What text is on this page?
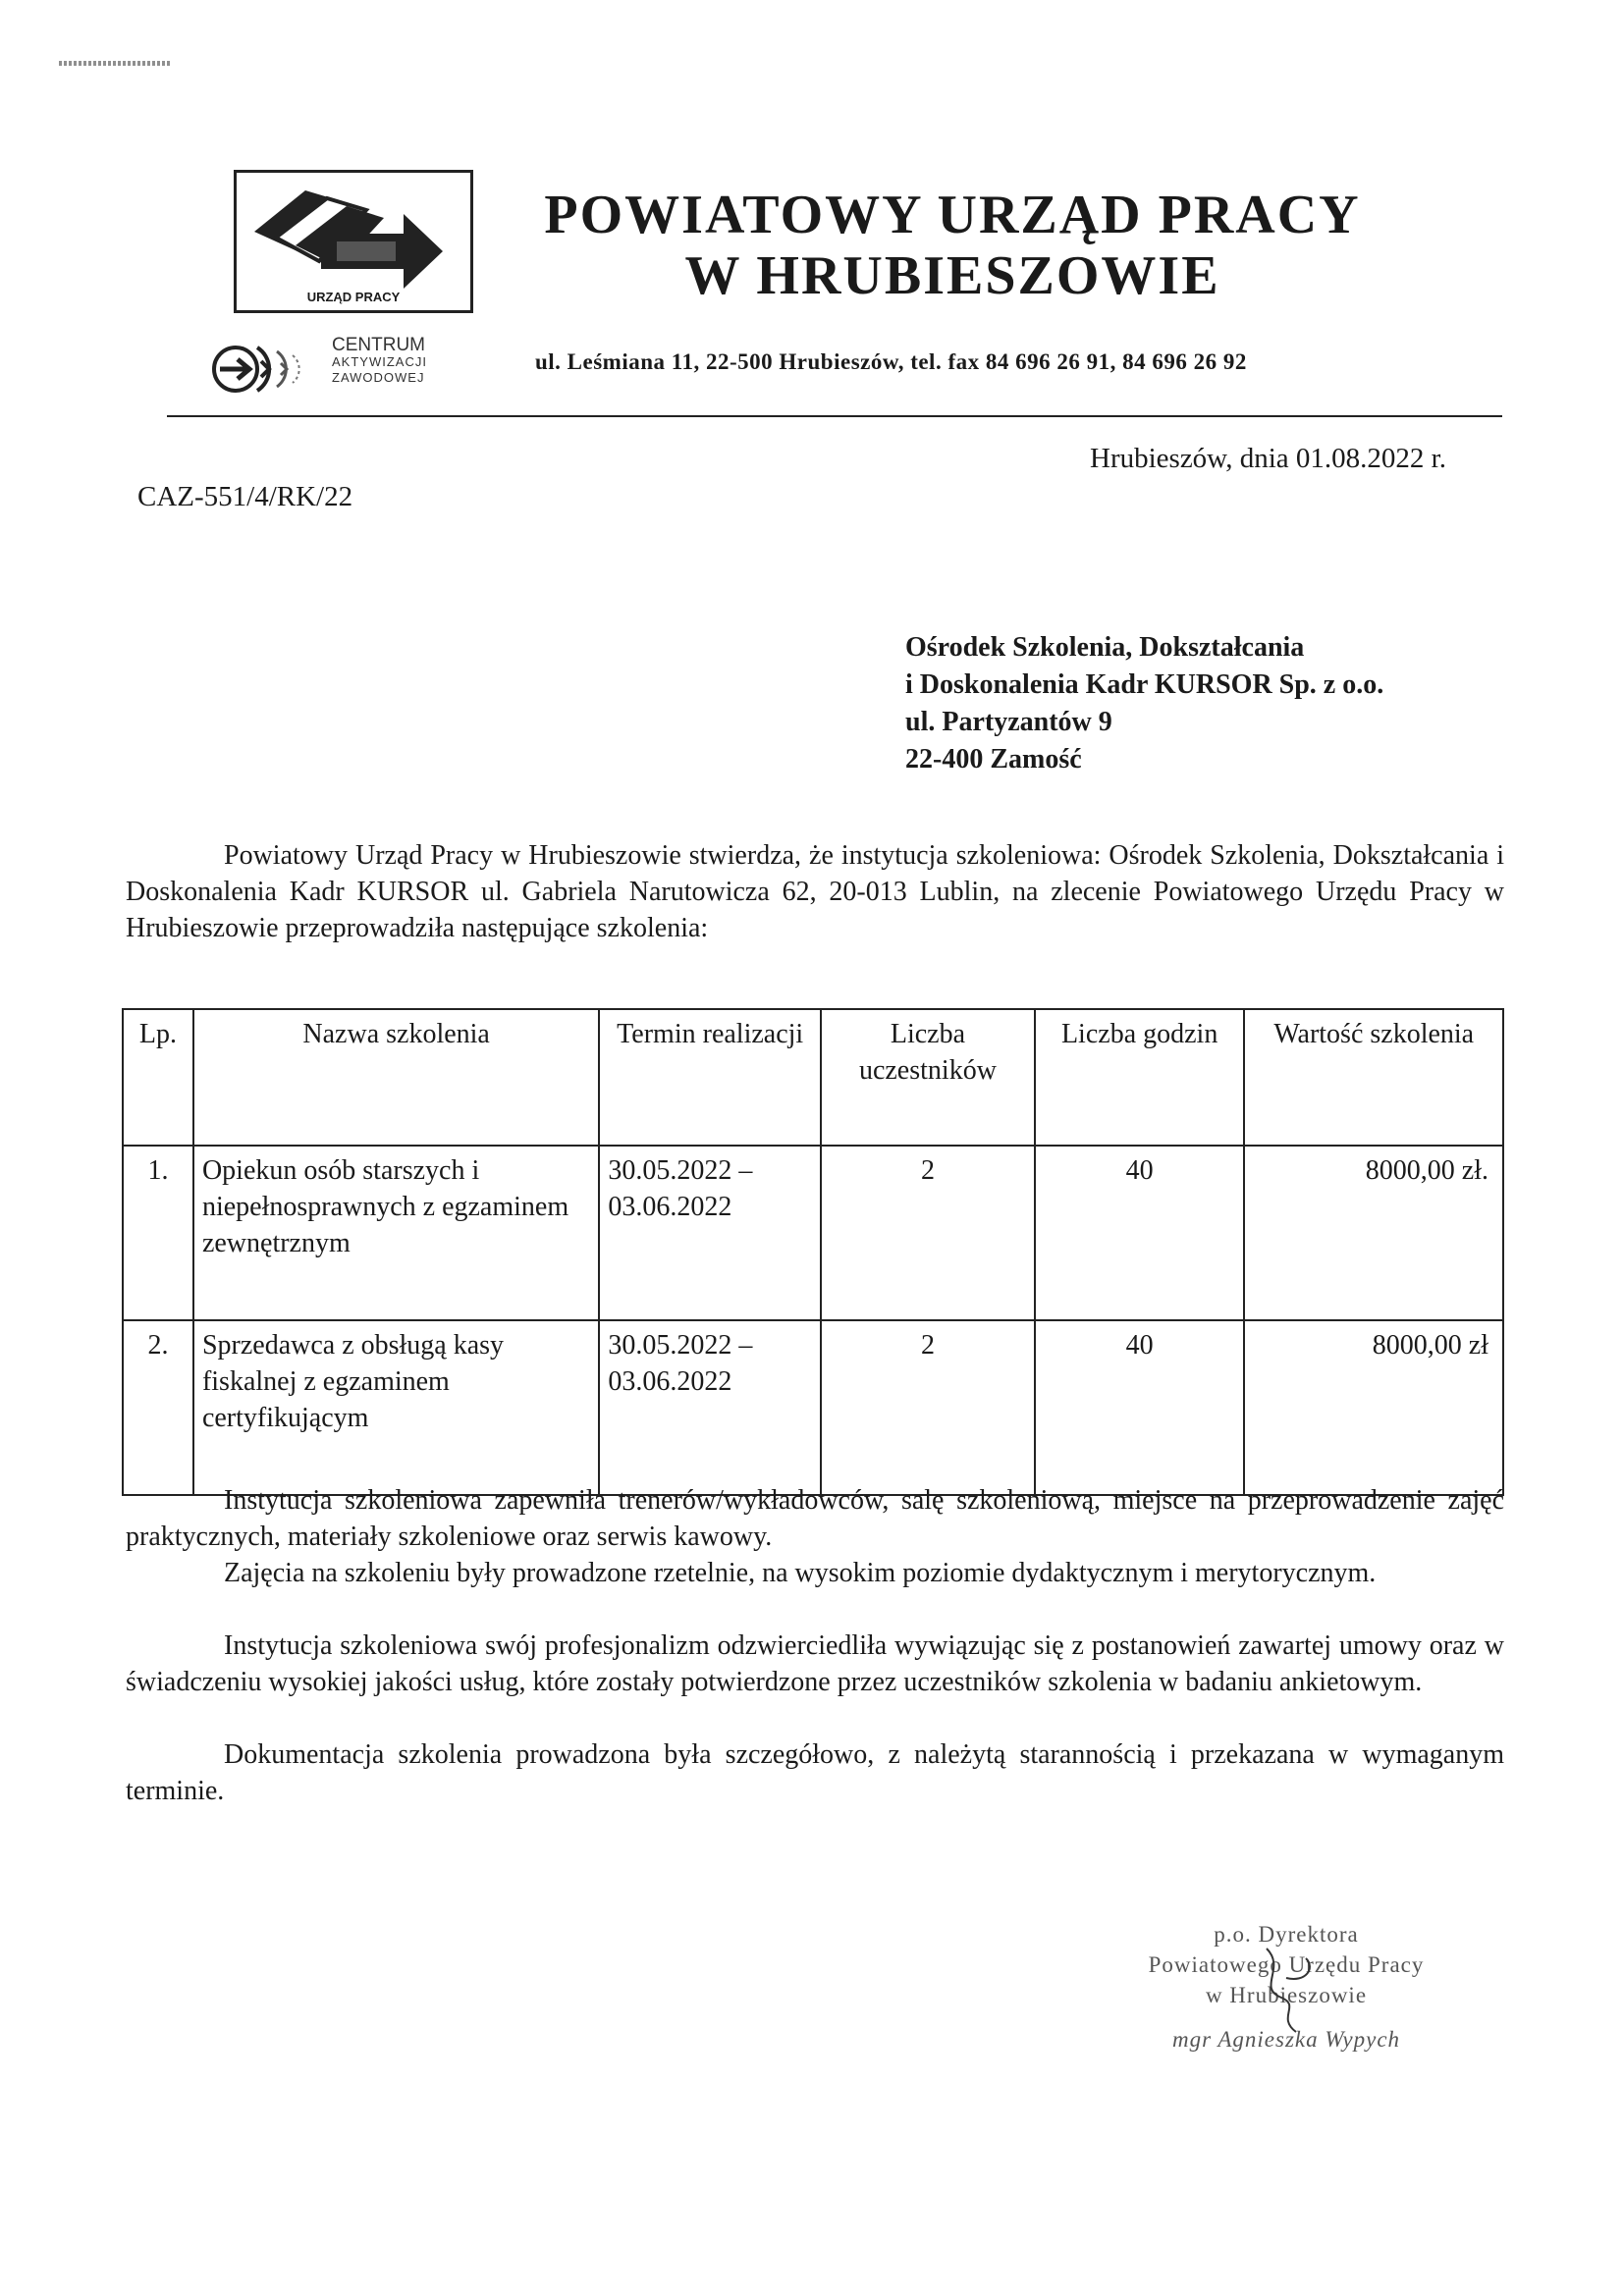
URZĄD PRACY
CENTRUM
AKTYWIZACJI
ZAWODOWEJ
POWIATOWY URZĄD PRACY
W HRUBIESZOWIE
ul. Leśmiana 11, 22-500 Hrubieszów, tel. fax 84 696 26 91, 84 696 26 92
Hrubieszów, dnia 01.08.2022 r.
CAZ-551/4/RK/22
Ośrodek Szkolenia, Dokształcania
i Doskonalenia Kadr KURSOR Sp. z o.o.
ul. Partyzantów 9
22-400 Zamość
Powiatowy Urząd Pracy w Hrubieszowie stwierdza, że instytucja szkoleniowa: Ośrodek Szkolenia, Dokształcania i Doskonalenia Kadr KURSOR ul. Gabriela Narutowicza 62, 20-013 Lublin, na zlecenie Powiatowego Urzędu Pracy w Hrubieszowie przeprowadziła następujące szkolenia:
Lp.	Nazwa szkolenia	Termin realizacji	Liczba uczestników	Liczba godzin	Wartość szkolenia
1.	Opiekun osób starszych i niepełnosprawnych z egzaminem zewnętrznym	30.05.2022 – 03.06.2022	2	40	8000,00 zł.
2.	Sprzedawca z obsługą kasy fiskalnej z egzaminem certyfikującym	30.05.2022 – 03.06.2022	2	40	8000,00 zł
Instytucja szkoleniowa zapewniła trenerów/wykładowców, salę szkoleniową, miejsce na przeprowadzenie zajęć praktycznych, materiały szkoleniowe oraz serwis kawowy.
Zajęcia na szkoleniu były prowadzone rzetelnie, na wysokim poziomie dydaktycznym i merytorycznym.
Instytucja szkoleniowa swój profesjonalizm odzwierciedliła wywiązując się z postanowień zawartej umowy oraz w świadczeniu wysokiej jakości usług, które zostały potwierdzone przez uczestników szkolenia w badaniu ankietowym.
Dokumentacja szkolenia prowadzona była szczegółowo, z należytą starannością i przekazana w wymaganym terminie.
p.o. Dyrektora
Powiatowego Urzędu Pracy
w Hrubieszowie
mgr Agnieszka Wypych
